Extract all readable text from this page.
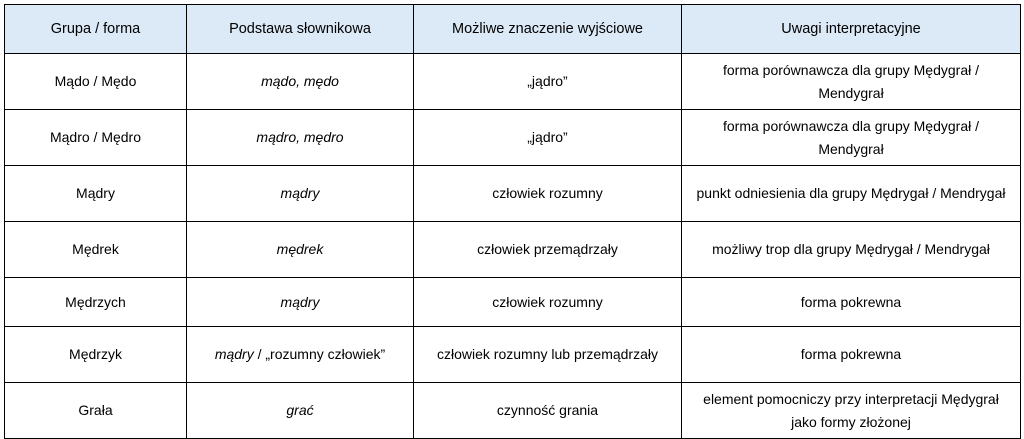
Grupa / forma	Podstawa słownikowa	Możliwe znaczenie wyjściowe	Uwagi interpretacyjne
Mądo / Mędo	mądo, mędo	„jądro”	forma porównawcza dla grupy Mędygrał / Mendygrał
Mądro / Mędro	mądro, mędro	„jądro”	forma porównawcza dla grupy Mędygrał / Mendygrał
Mądry	mądry	człowiek rozumny	punkt odniesienia dla grupy Mędrygał / Mendrygał
Mędrek	mędrek	człowiek przemądrzały	możliwy trop dla grupy Mędrygał / Mendrygał
Mędrzych	mądry	człowiek rozumny	forma pokrewna
Mędrzyk	mądry / „rozumny człowiek”	człowiek rozumny lub przemądrzały	forma pokrewna
Grała	grać	czynność grania	element pomocniczy przy interpretacji Mędygrał jako formy złożonej
